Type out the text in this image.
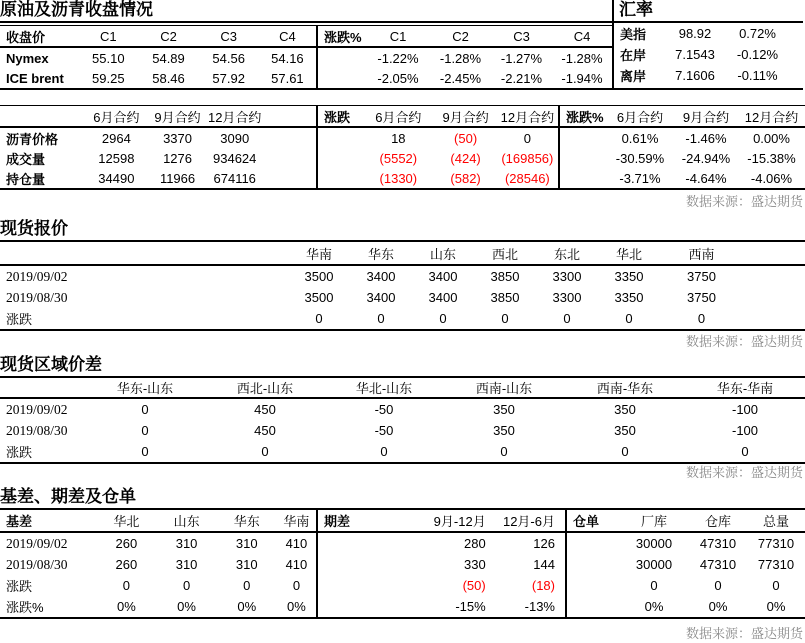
原油及沥青收盘情况
收盘价	C1	C2	C3	C4
Nymex	55.10	54.89	54.56	54.16
ICE brent	59.25	58.46	57.92	57.61
涨跌%	C1	C2	C3	C4
	-1.22%	-1.28%	-1.27%	-1.28%
	-2.05%	-2.45%	-2.21%	-1.94%
汇率
美指	98.92	0.72%	
在岸	7.1543	-0.12%	
离岸	7.1606	-0.11%	
	6月合约	9月合约	12月合约	
沥青价格	2964	3370	3090	
成交量	12598	1276	934624	
持仓量	34490	11966	674116	
涨跌	6月合约	9月合约	12月合约
	18	(50)	0
	(5552)	(424)	(169856)
	(1330)	(582)	(28546)
涨跌%	6月合约	9月合约	12月合约
	0.61%	-1.46%	0.00%
	-30.59%	-24.94%	-15.38%
	-3.71%	-4.64%	-4.06%
数据来源：盛达期货
现货报价
	华南	华东	山东	西北	东北	华北	西南	
2019/09/02	3500	3400	3400	3850	3300	3350	3750	
2019/08/30	3500	3400	3400	3850	3300	3350	3750	
涨跌	0	0	0	0	0	0	0	
数据来源：盛达期货
现货区域价差
	华东-山东	西北-山东	华北-山东	西南-山东	西南-华东	华东-华南
2019/09/02	0	450	-50	350	350	-100
2019/08/30	0	450	-50	350	350	-100
涨跌	0	0	0	0	0	0
数据来源：盛达期货
基差、期差及仓单
基差	华北	山东	华东	华南
2019/09/02	260	310	310	410
2019/08/30	260	310	310	410
涨跌	0	0	0	0
涨跌%	0%	0%	0%	0%
期差	9月-12月	12月-6月
	280	126
	330	144
	(50)	(18)
	-15%	-13%
仓单	厂库	仓库	总量
	30000	47310	77310
	30000	47310	77310
	0	0	0
	0%	0%	0%
数据来源：盛达期货
